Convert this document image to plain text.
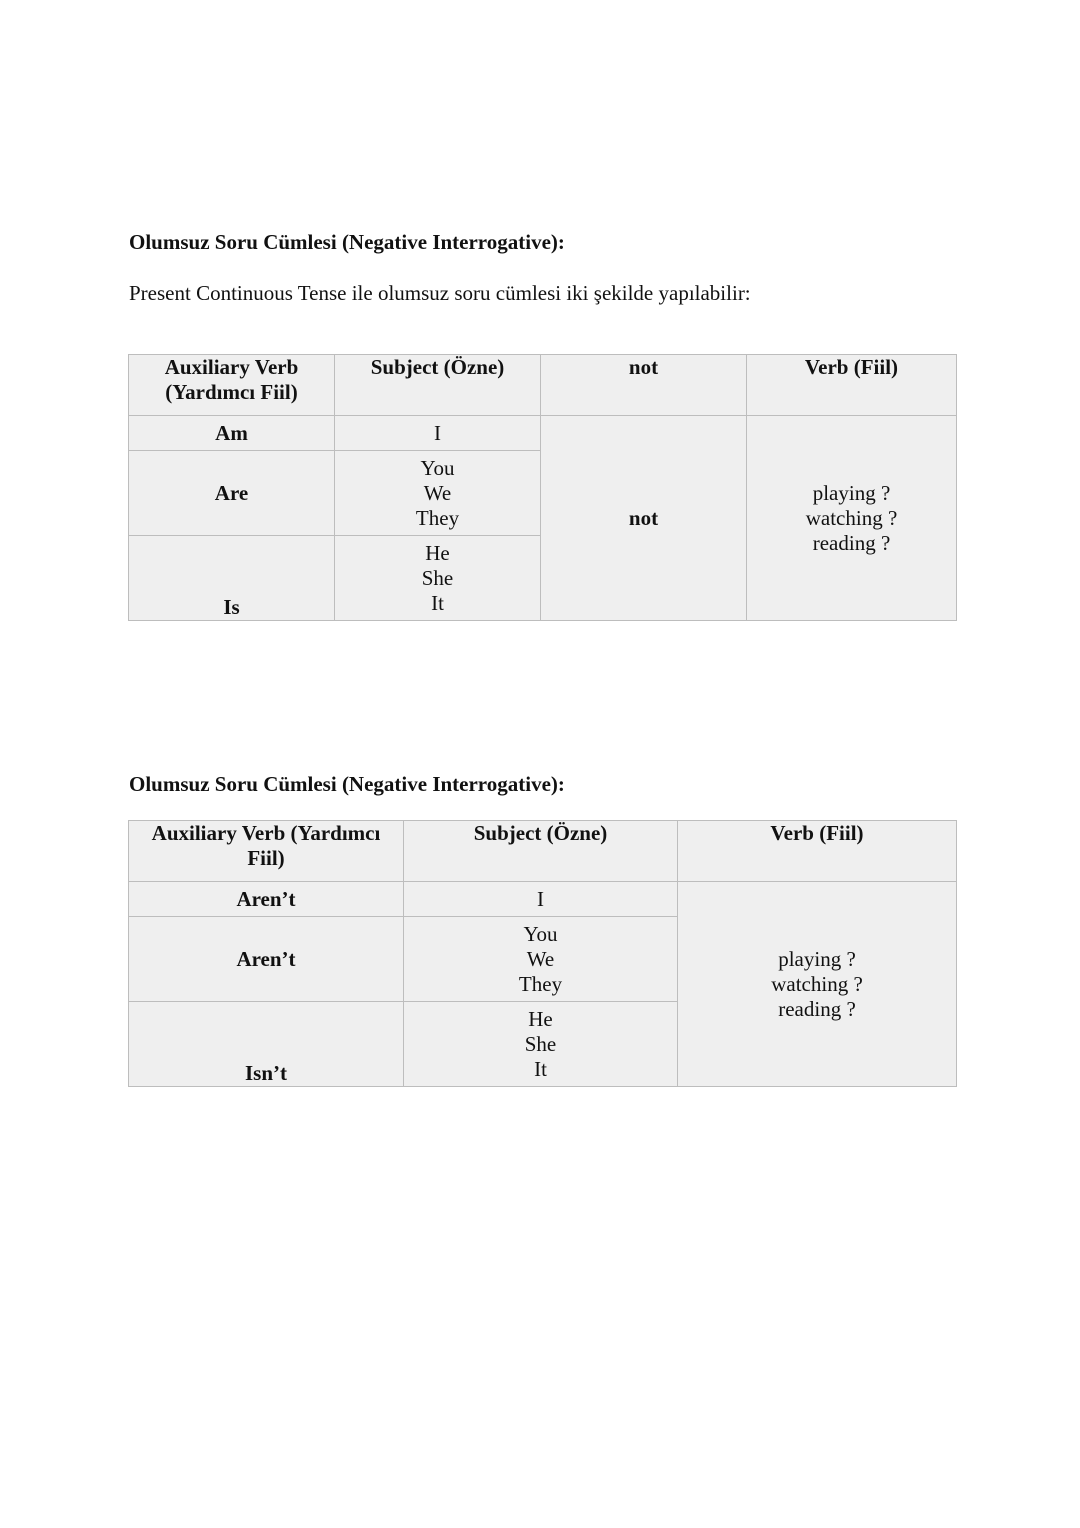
Olumsuz Soru Cümlesi (Negative Interrogative):
Present Continuous Tense ile olumsuz soru cümlesi iki şekilde yapılabilir:
Auxiliary Verb
(Yardımcı Fiil)	Subject (Özne)	not	Verb (Fiil)
Am	I	not	playing ?
watching ?
reading ?

Are	You
We
They		

Is	He
She
It		
Olumsuz Soru Cümlesi (Negative Interrogative):
Auxiliary Verb (Yardımcı
Fiil)	Subject (Özne)	Verb (Fiil)
Aren’t	I	playing ?
watching ?
reading ?

Aren’t	You
We
They	

Isn’t	He
She
It	
